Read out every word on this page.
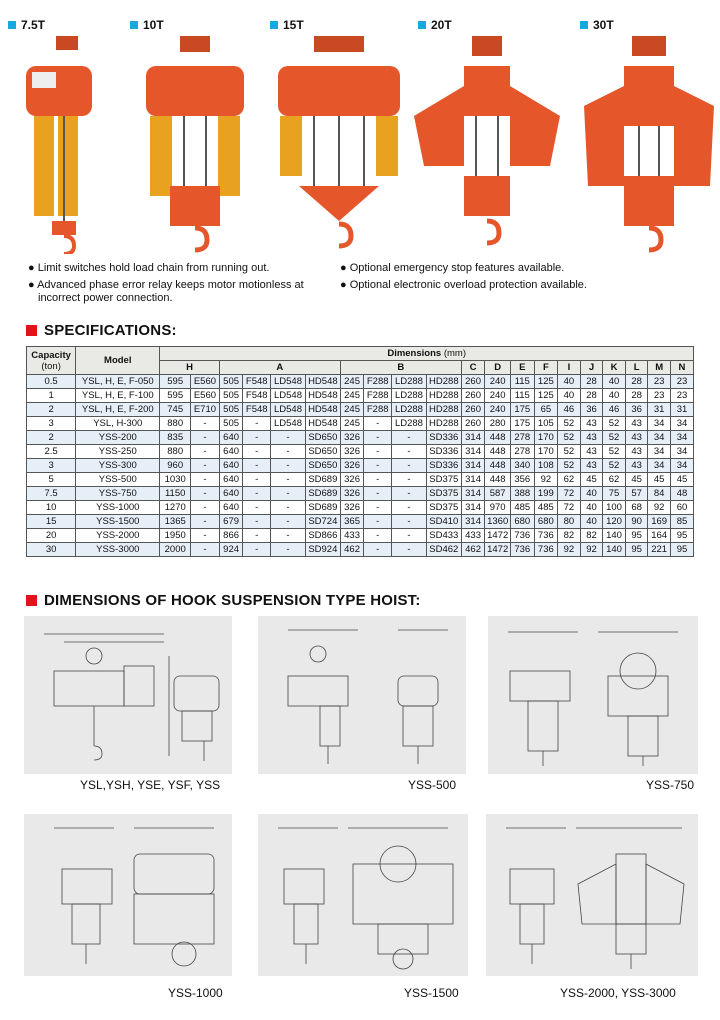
7.5T	10T	15T	20T	30T

● Limit switches hold load chain from running out.

● Advanced phase error relay keeps motor motionless at incorrect power connection.

● Optional emergency stop features available.

● Optional electronic overload protection available.

SPECIFICATIONS:
Capacity
(ton)	Model	Dimensions (mm)																			
		H		A				B				C	D	E	F	I	J	K	L	M	N
0.5	YSL, H, E, F-050	595	E560	505	F548	LD548	HD548	245	F288	LD288	HD288	260	240	115	125	40	28	40	28	23	23
1	YSL, H, E, F-100	595	E560	505	F548	LD548	HD548	245	F288	LD288	HD288	260	240	115	125	40	28	40	28	23	23
2	YSL, H, E, F-200	745	E710	505	F548	LD548	HD548	245	F288	LD288	HD288	260	240	175	65	46	36	46	36	31	31
3	YSL, H-300	880	-	505	-	LD548	HD548	245	-	LD288	HD288	260	280	175	105	52	43	52	43	34	34
2	YSS-200	835	-	640	-	-	SD650	326	-	-	SD336	314	448	278	170	52	43	52	43	34	34
2.5	YSS-250	880	-	640	-	-	SD650	326	-	-	SD336	314	448	278	170	52	43	52	43	34	34
3	YSS-300	960	-	640	-	-	SD650	326	-	-	SD336	314	448	340	108	52	43	52	43	34	34
5	YSS-500	1030	-	640	-	-	SD689	326	-	-	SD375	314	448	356	92	62	45	62	45	45	45
7.5	YSS-750	1150	-	640	-	-	SD689	326	-	-	SD375	314	587	388	199	72	40	75	57	84	48
10	YSS-1000	1270	-	640	-	-	SD689	326	-	-	SD375	314	970	485	485	72	40	100	68	92	60
15	YSS-1500	1365	-	679	-	-	SD724	365	-	-	SD410	314	1360	680	680	80	40	120	90	169	85
20	YSS-2000	1950	-	866	-	-	SD866	433	-	-	SD433	433	1472	736	736	82	82	140	95	164	95
30	YSS-3000	2000	-	924	-	-	SD924	462	-	-	SD462	462	1472	736	736	92	92	140	95	221	95
DIMENSIONS OF HOOK SUSPENSION TYPE HOIST:
YSL,YSH, YSE, YSF, YSS	YSS-500	YSS-750
YSS-1000	YSS-1500	YSS-2000, YSS-3000
